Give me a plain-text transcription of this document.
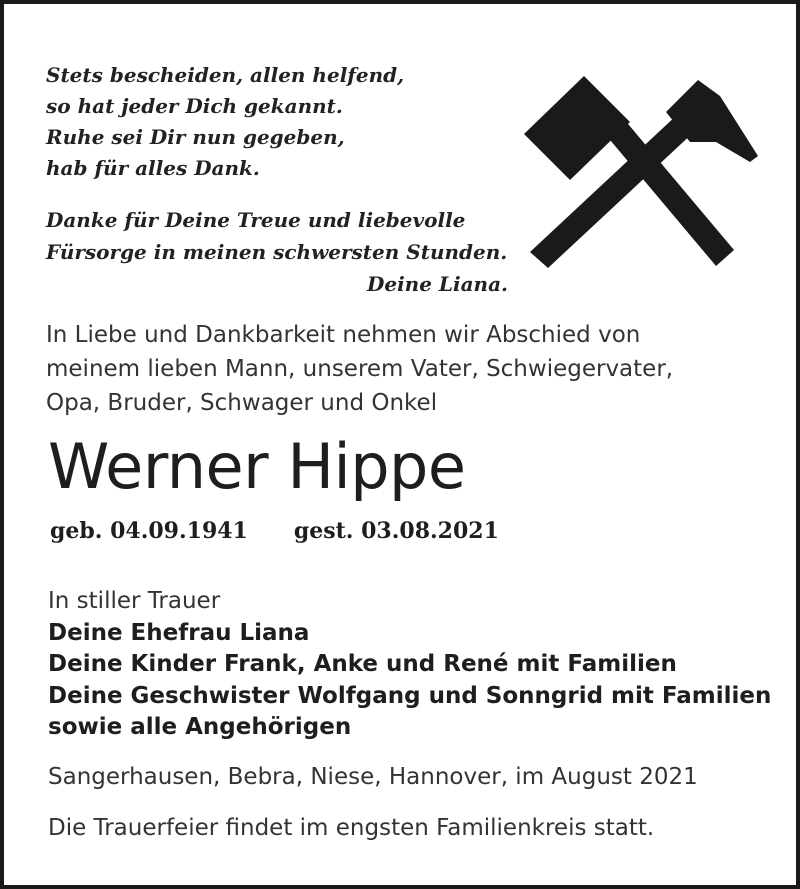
Stets bescheiden, allen helfend,
so hat jeder Dich gekannt.
Ruhe sei Dir nun gegeben,
hab für alles Dank.
Danke für Deine Treue und liebevolle
Fürsorge in meinen schwersten Stunden.
Deine Liana.
In Liebe und Dankbarkeit nehmen wir Abschied von
meinem lieben Mann, unserem Vater, Schwiegervater,
Opa, Bruder, Schwager und Onkel
Werner Hippe
geb. 04.09.1941 gest. 03.08.2021
In stiller Trauer
Deine Ehefrau Liana
Deine Kinder Frank, Anke und René mit Familien
Deine Geschwister Wolfgang und Sonngrid mit Familien
sowie alle Angehörigen
Sangerhausen, Bebra, Niese, Hannover, im August 2021
Die Trauerfeier findet im engsten Familienkreis statt.
